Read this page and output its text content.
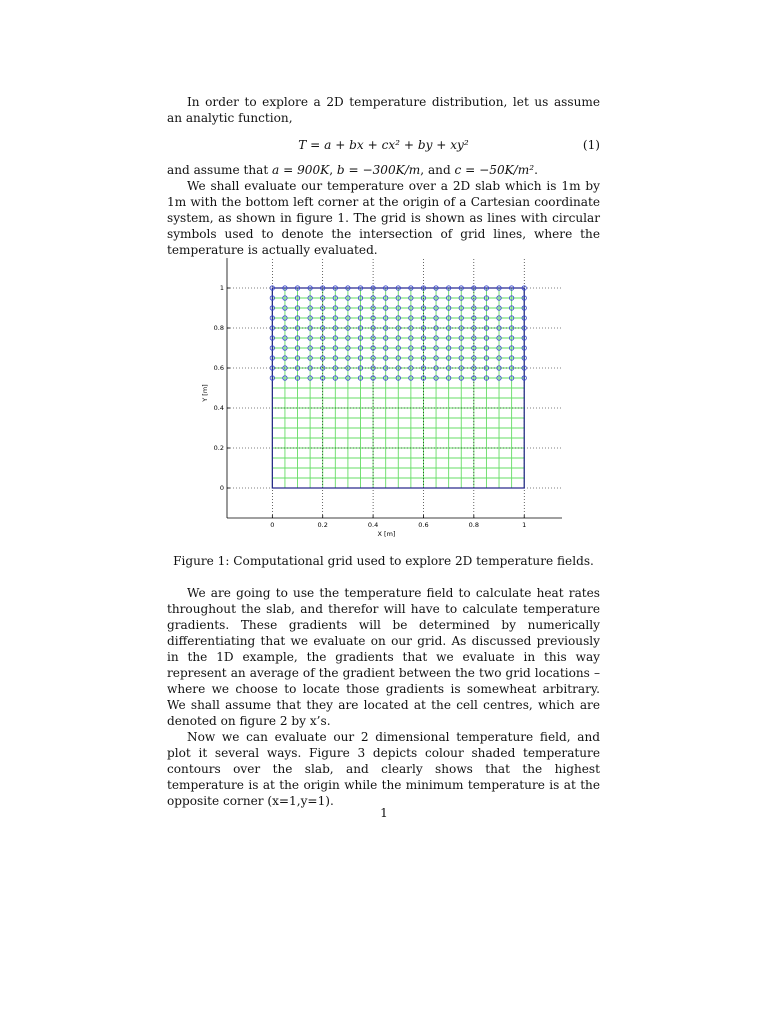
In order to explore a 2D temperature distribution, let us assume an analytic function,

T = a + bx + cx² + by + xy²	(1)

and assume that a = 900K, b = −300K/m, and c = −50K/m².

We shall evaluate our temperature over a 2D slab which is 1m by 1m with the bottom left corner at the origin of a Cartesian coordinate system, as shown in figure 1. The grid is shown as lines with circular symbols used to denote the intersection of grid lines, where the temperature is actually evaluated.

X [m]
Y [m]
0	0.2	0.4	0.6	0.8	1
0
0.2
0.4
0.6
0.8
1
Figure 1: Computational grid used to explore 2D temperature fields.

We are going to use the temperature field to calculate heat rates throughout the slab, and therefor will have to calculate temperature gradients. These gradients will be determined by numerically differentiating that we evaluate on our grid. As discussed previously in the 1D example, the gradients that we evaluate in this way represent an average of the gradient between the two grid locations – where we choose to locate those gradients is somewheat arbitrary. We shall assume that they are located at the cell centres, which are denoted on figure 2 by x’s.

Now we can evaluate our 2 dimensional temperature field, and plot it several ways. Figure 3 depicts colour shaded temperature contours over the slab, and clearly shows that the highest temperature is at the origin while the minimum temperature is at the opposite corner (x=1,y=1).

1
